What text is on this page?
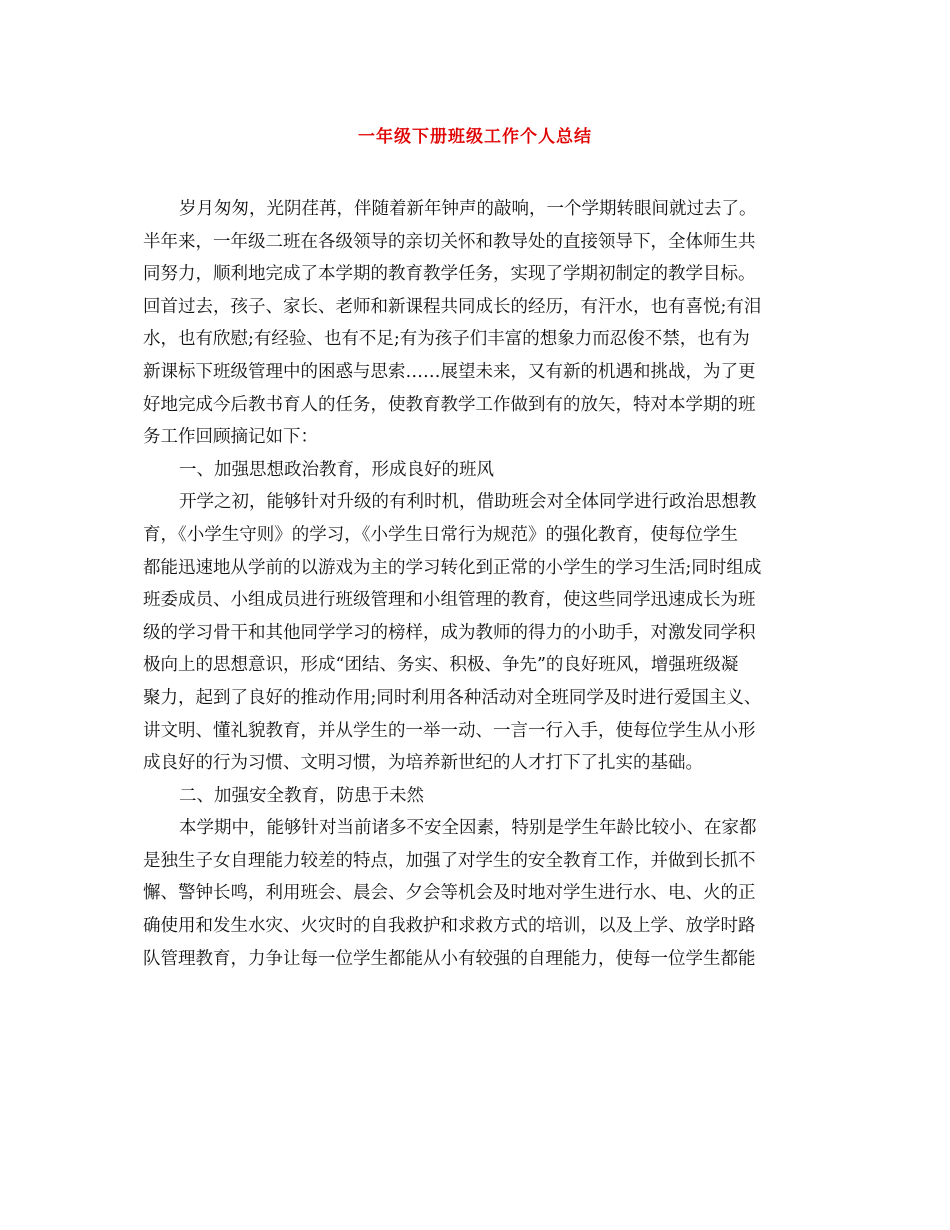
一年级下册班级工作个人总结
岁月匆匆，光阴荏苒，伴随着新年钟声的敲响，一个学期转眼间就过去了。
半年来，一年级二班在各级领导的亲切关怀和教导处的直接领导下，全体师生共
同努力，顺利地完成了本学期的教育教学任务，实现了学期初制定的教学目标。
回首过去，孩子、家长、老师和新课程共同成长的经历，有汗水，也有喜悦;有泪
水，也有欣慰;有经验、也有不足;有为孩子们丰富的想象力而忍俊不禁，也有为
新课标下班级管理中的困惑与思索……展望未来，又有新的机遇和挑战，为了更
好地完成今后教书育人的任务，使教育教学工作做到有的放矢，特对本学期的班
务工作回顾摘记如下：
一、加强思想政治教育，形成良好的班风
开学之初，能够针对升级的有利时机，借助班会对全体同学进行政治思想教
育，《小学生守则》的学习，《小学生日常行为规范》的强化教育，使每位学生
都能迅速地从学前的以游戏为主的学习转化到正常的小学生的学习生活;同时组成
班委成员、小组成员进行班级管理和小组管理的教育，使这些同学迅速成长为班
级的学习骨干和其他同学学习的榜样，成为教师的得力的小助手，对激发同学积
极向上的思想意识，形成“团结、务实、积极、争先”的良好班风，增强班级凝
聚力，起到了良好的推动作用;同时利用各种活动对全班同学及时进行爱国主义、
讲文明、懂礼貌教育，并从学生的一举一动、一言一行入手，使每位学生从小形
成良好的行为习惯、文明习惯，为培养新世纪的人才打下了扎实的基础。
二、加强安全教育，防患于未然
本学期中，能够针对当前诸多不安全因素，特别是学生年龄比较小、在家都
是独生子女自理能力较差的特点，加强了对学生的安全教育工作，并做到长抓不
懈、警钟长鸣，利用班会、晨会、夕会等机会及时地对学生进行水、电、火的正
确使用和发生水灾、火灾时的自我救护和求救方式的培训，以及上学、放学时路
队管理教育，力争让每一位学生都能从小有较强的自理能力，使每一位学生都能
